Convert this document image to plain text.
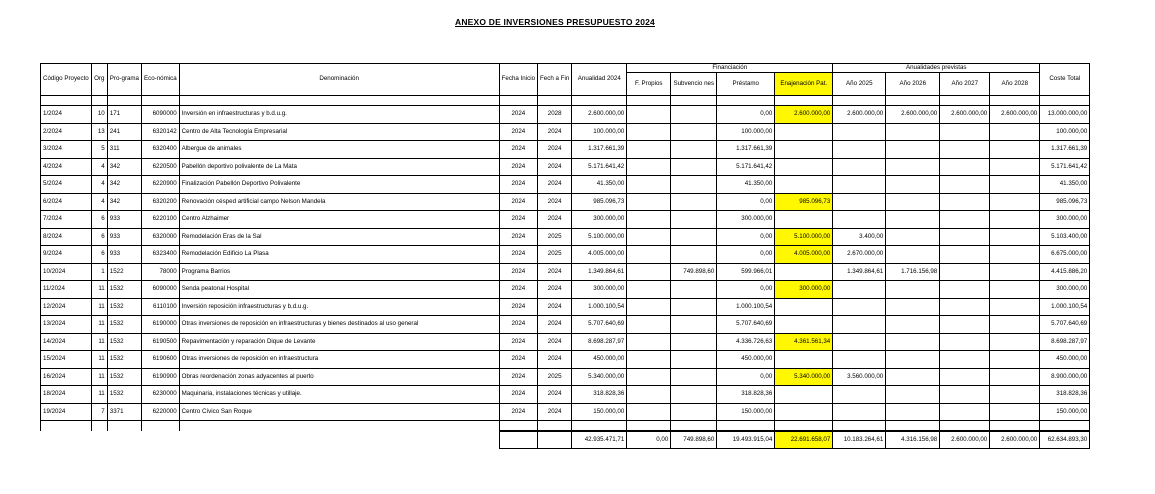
ANEXO DE INVERSIONES PRESUPUESTO 2024
Código Proyecto	Org	Pro-grama	Eco-nómica	Denominación	Fecha Inicio	Fech a Fin	Anualidad 2024	Financiación				Anualidades previstas				Coste Total
								F. Propios	Subvencio nes	Préstamo	Enajenación Pat.	Año 2025	Año 2026	Año 2027	Año 2028	

1/2024	10	171	6090000	Inversión en infraestructuras y b.d.u.g.	2024	2028	2.600.000,00			0,00	2.600.000,00	2.600.000,00	2.600.000,00	2.600.000,00	2.600.000,00	13.000.000,00
2/2024	13	241	6320142	Centro de Alta Tecnología Empresarial	2024	2024	100.000,00			100.000,00						100.000,00
3/2024	5	311	6320400	Albergue de animales	2024	2024	1.317.661,39			1.317.661,39						1.317.661,39
4/2024	4	342	6220500	Pabellón deportivo polivalente de La Mata	2024	2024	5.171.641,42			5.171.641,42						5.171.641,42
5/2024	4	342	6220900	Finalización Pabellón Deportivo Polivalente	2024	2024	41.350,00			41.350,00						41.350,00
6/2024	4	342	6320200	Renovación césped artificial campo Nelson Mandela	2024	2024	985.096,73			0,00	985.096,73					985.096,73
7/2024	6	933	6220100	Centro Alzhaimer	2024	2024	300.000,00			300.000,00						300.000,00
8/2024	6	933	6320000	Remodelación Eras de la Sal	2024	2025	5.100.000,00			0,00	5.100.000,00	3.400,00				5.103.400,00
9/2024	6	933	6323400	Remodelación Edificio La Plasa	2024	2025	4.005.000,00			0,00	4.005.000,00	2.670.000,00				6.675.000,00
10/2024	1	1522	78000	Programa Barrios	2024	2024	1.349.864,61		749.898,60	599.966,01		1.349.864,61	1.716.156,98			4.415.886,20
11/2024	11	1532	6090000	Senda peatonal Hospital	2024	2024	300.000,00			0,00	300.000,00					300.000,00
12/2024	11	1532	6110100	Inversión reposición infraestructuras y b.d.u.g.	2024	2024	1.000.100,54			1.000.100,54						1.000.100,54
13/2024	11	1532	6190000	Otras inversiones de reposición en infraestructuras y bienes destinados al uso general	2024	2024	5.707.640,69			5.707.640,69						5.707.640,69
14/2024	11	1532	6190500	Repavimentación y reparación Dique de Levante	2024	2024	8.698.287,97			4.336.726,63	4.361.561,34					8.698.287,97
15/2024	11	1532	6190600	Otras inversiones de reposición en infraestructura	2024	2024	450.000,00			450.000,00						450.000,00
16/2024	11	1532	6190900	Obras reordenación zonas adyacentes al puerto	2024	2025	5.340.000,00			0,00	5.340.000,00	3.560.000,00				8.900.000,00
18/2024	11	1532	6230000	Maquinaria, instalaciones técnicas y utillaje.	2024	2024	318.828,36			318.828,36						318.828,36
19/2024	7	3371	6220000	Centro Cívico San Roque	2024	2024	150.000,00			150.000,00						150.000,00

							42.935.471,71	0,00	749.898,60	19.493.915,04	22.691.658,07	10.183.264,61	4.316.156,98	2.600.000,00	2.600.000,00	62.634.893,30
